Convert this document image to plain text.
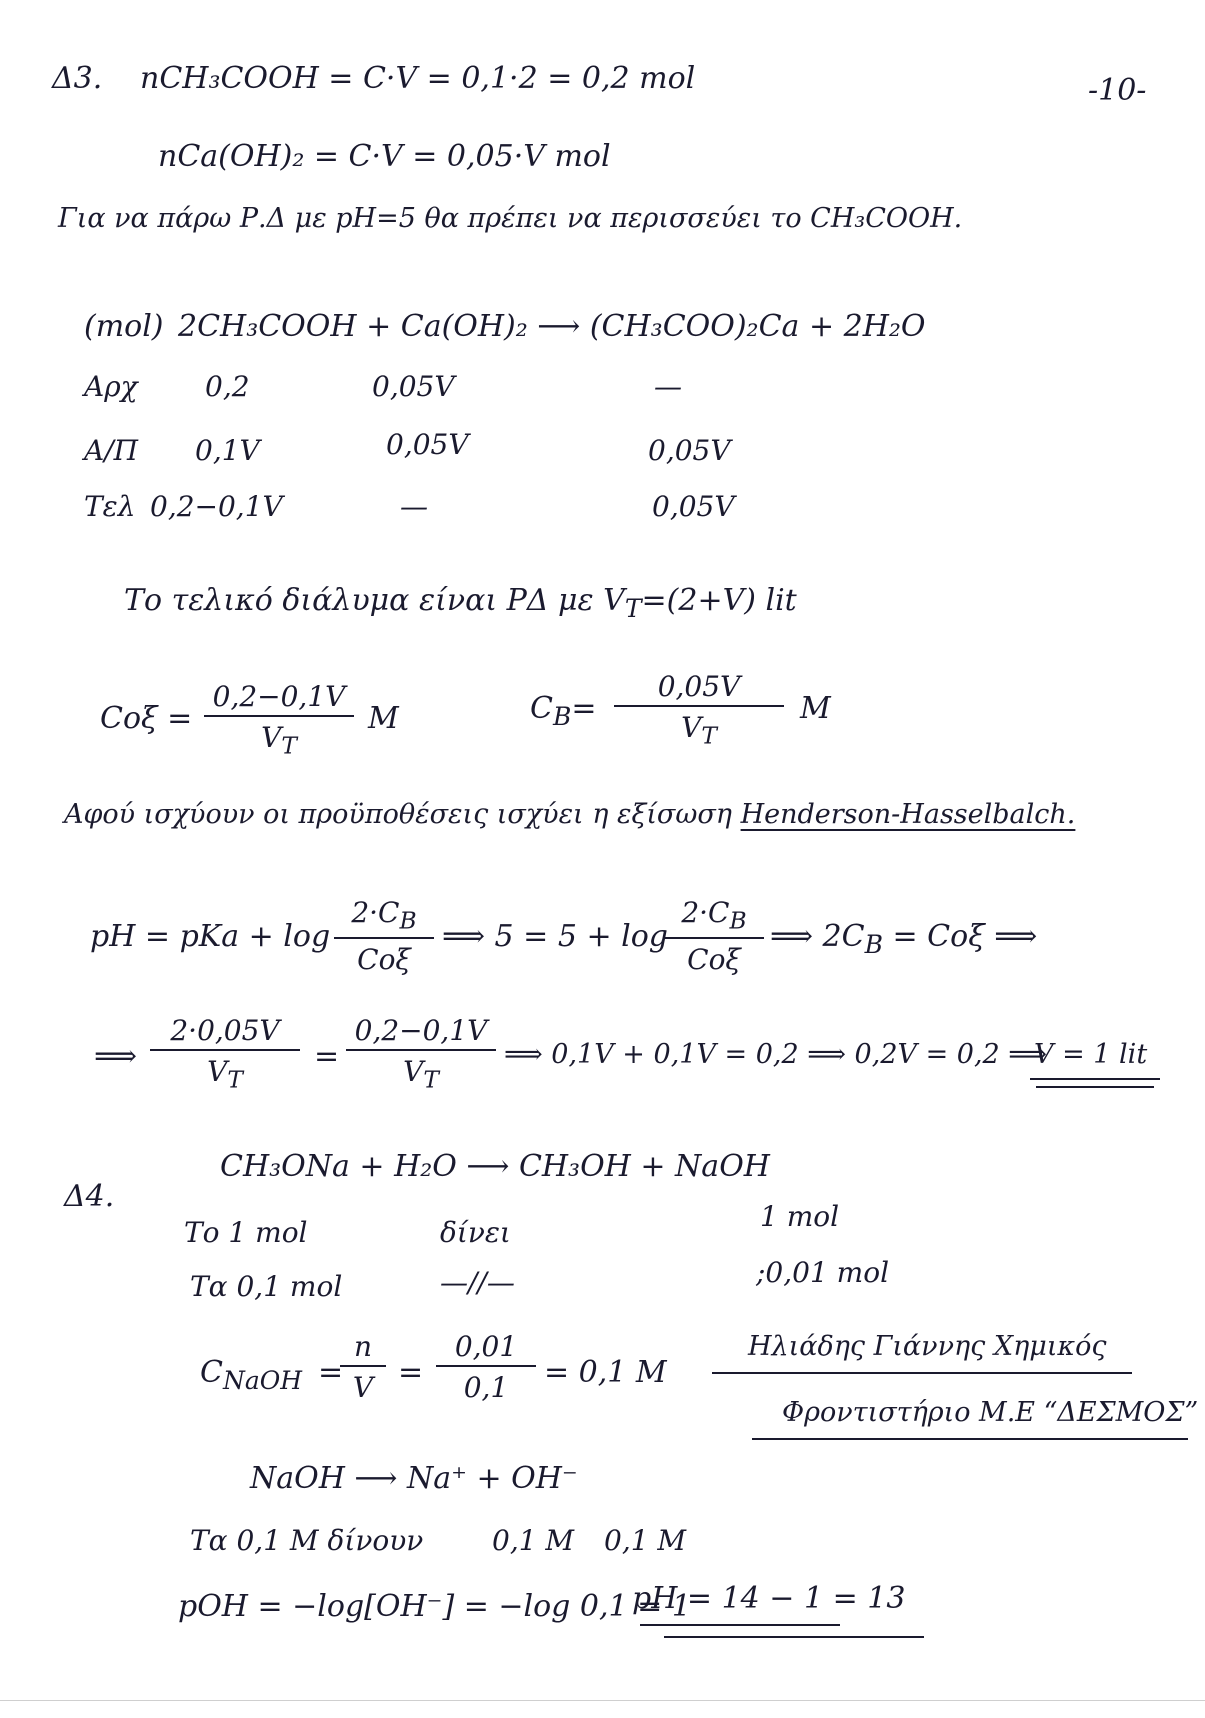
-10-
Δ3. nCH₃COOH = C·V = 0,1·2 = 0,2 mol
nCa(OH)₂ = C·V = 0,05·V mol
Για να πάρω Ρ.Δ με pH=5 θα πρέπει να περισσεύει το CH₃COOH.
(mol) 2CH₃COOH + Ca(OH)₂ ⟶ (CH₃COO)₂Ca + 2H₂O
Αρχ 0,2	0,05V	—
Α/Π 0,1V	0,05V	0,05V
Τελ 0,2−0,1V	—	0,05V
Το τελικό διάλυμα είναι ΡΔ με $V_T=(2+V)$ lit
$Co\xi = \frac{0,2-0,1V}{V_T}$ M	$C_B= \frac{0,05V}{V_T}$ M
Αφού ισχύουν οι προϋποθέσεις ισχύει η εξίσωση Henderson-Hasselbalch.
pH = pKa + log
$2\cdot C_B$
Cοξ
⟹ 5 = 5 + log
$2\cdot C_B$
Cοξ
⟹ $2C_B = Co\xi$ ⟹
⟹ $\frac{2\cdot 0,05V}{V_T} = \frac{0,2-0,1V}{V_T}$ ⟹ 0,1V + 0,1V = 0,2 ⟹ 0,2V = 0,2 ⟹
V = 1 lit
Δ4.
CH₃ONa + H₂O ⟶ CH₃OH + NaOH
Το 1 mol	δίνει	1 mol
Τα 0,1 mol	—//—	;0,01 mol
$C_{NaOH}$ =
$\frac{n}{V} = \frac{0,01}{0,1} = 0,1$ M
Ηλιάδης Γιάννης Χημικός
Φροντιστήριο Μ.Ε “ΔΕΣΜΟΣ”
NaOH ⟶ Na⁺ + OH⁻
Τα 0,1 M δίνουν 0,1 M 0,1 M
pOH = −log[OH⁻] = −log 0,1 = 1
pH = 14 − 1 = 13
